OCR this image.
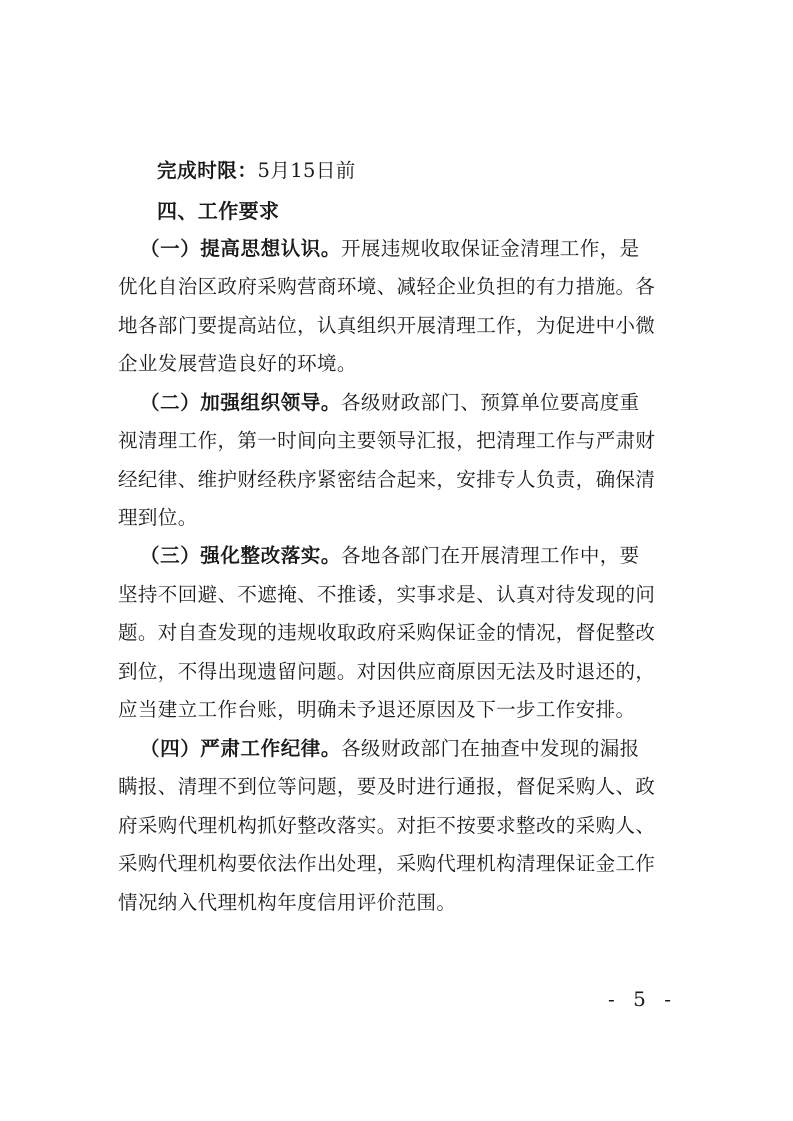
完成时限：5月15日前
四、工作要求
（一）提高思想认识。开展违规收取保证金清理工作，是
优化自治区政府采购营商环境、减轻企业负担的有力措施。各
地各部门要提高站位，认真组织开展清理工作，为促进中小微
企业发展营造良好的环境。
（二）加强组织领导。各级财政部门、预算单位要高度重
视清理工作，第一时间向主要领导汇报，把清理工作与严肃财
经纪律、维护财经秩序紧密结合起来，安排专人负责，确保清
理到位。
（三）强化整改落实。各地各部门在开展清理工作中，要
坚持不回避、不遮掩、不推诿，实事求是、认真对待发现的问
题。对自查发现的违规收取政府采购保证金的情况，督促整改
到位，不得出现遗留问题。对因供应商原因无法及时退还的，
应当建立工作台账，明确未予退还原因及下一步工作安排。
（四）严肃工作纪律。各级财政部门在抽查中发现的漏报
瞒报、清理不到位等问题，要及时进行通报，督促采购人、政
府采购代理机构抓好整改落实。对拒不按要求整改的采购人、
采购代理机构要依法作出处理，采购代理机构清理保证金工作
情况纳入代理机构年度信用评价范围。
- 5 -
